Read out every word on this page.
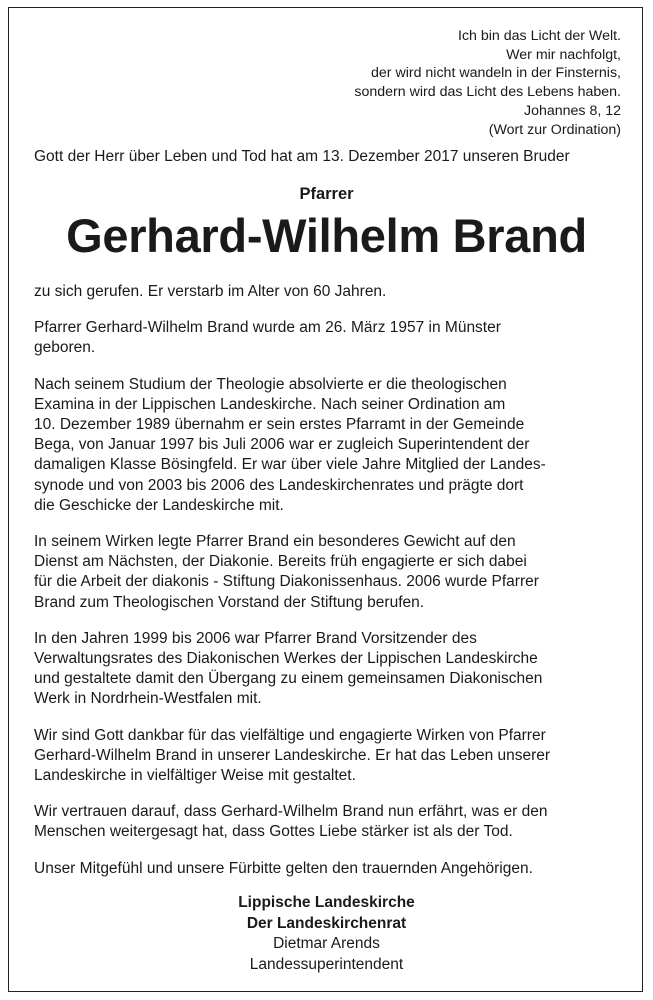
Ich bin das Licht der Welt.
Wer mir nachfolgt,
der wird nicht wandeln in der Finsternis,
sondern wird das Licht des Lebens haben.
Johannes 8, 12
(Wort zur Ordination)
Gott der Herr über Leben und Tod hat am 13. Dezember 2017 unseren Bruder
Pfarrer
Gerhard-Wilhelm Brand
zu sich gerufen. Er verstarb im Alter von 60 Jahren.
Pfarrer Gerhard-Wilhelm Brand wurde am 26. März 1957 in Münster
geboren.
Nach seinem Studium der Theologie absolvierte er die theologischen
Examina in der Lippischen Landeskirche. Nach seiner Ordination am
10. Dezember 1989 übernahm er sein erstes Pfarramt in der Gemeinde
Bega, von Januar 1997 bis Juli 2006 war er zugleich Superintendent der
damaligen Klasse Bösingfeld. Er war über viele Jahre Mitglied der Landes-
synode und von 2003 bis 2006 des Landeskirchenrates und prägte dort
die Geschicke der Landeskirche mit.
In seinem Wirken legte Pfarrer Brand ein besonderes Gewicht auf den
Dienst am Nächsten, der Diakonie. Bereits früh engagierte er sich dabei
für die Arbeit der diakonis - Stiftung Diakonissenhaus. 2006 wurde Pfarrer
Brand zum Theologischen Vorstand der Stiftung berufen.
In den Jahren 1999 bis 2006 war Pfarrer Brand Vorsitzender des
Verwaltungsrates des Diakonischen Werkes der Lippischen Landeskirche
und gestaltete damit den Übergang zu einem gemeinsamen Diakonischen
Werk in Nordrhein-Westfalen mit.
Wir sind Gott dankbar für das vielfältige und engagierte Wirken von Pfarrer
Gerhard-Wilhelm Brand in unserer Landeskirche. Er hat das Leben unserer
Landeskirche in vielfältiger Weise mit gestaltet.
Wir vertrauen darauf, dass Gerhard-Wilhelm Brand nun erfährt, was er den
Menschen weitergesagt hat, dass Gottes Liebe stärker ist als der Tod.
Unser Mitgefühl und unsere Fürbitte gelten den trauernden Angehörigen.
Lippische Landeskirche
Der Landeskirchenrat
Dietmar Arends
Landessuperintendent
